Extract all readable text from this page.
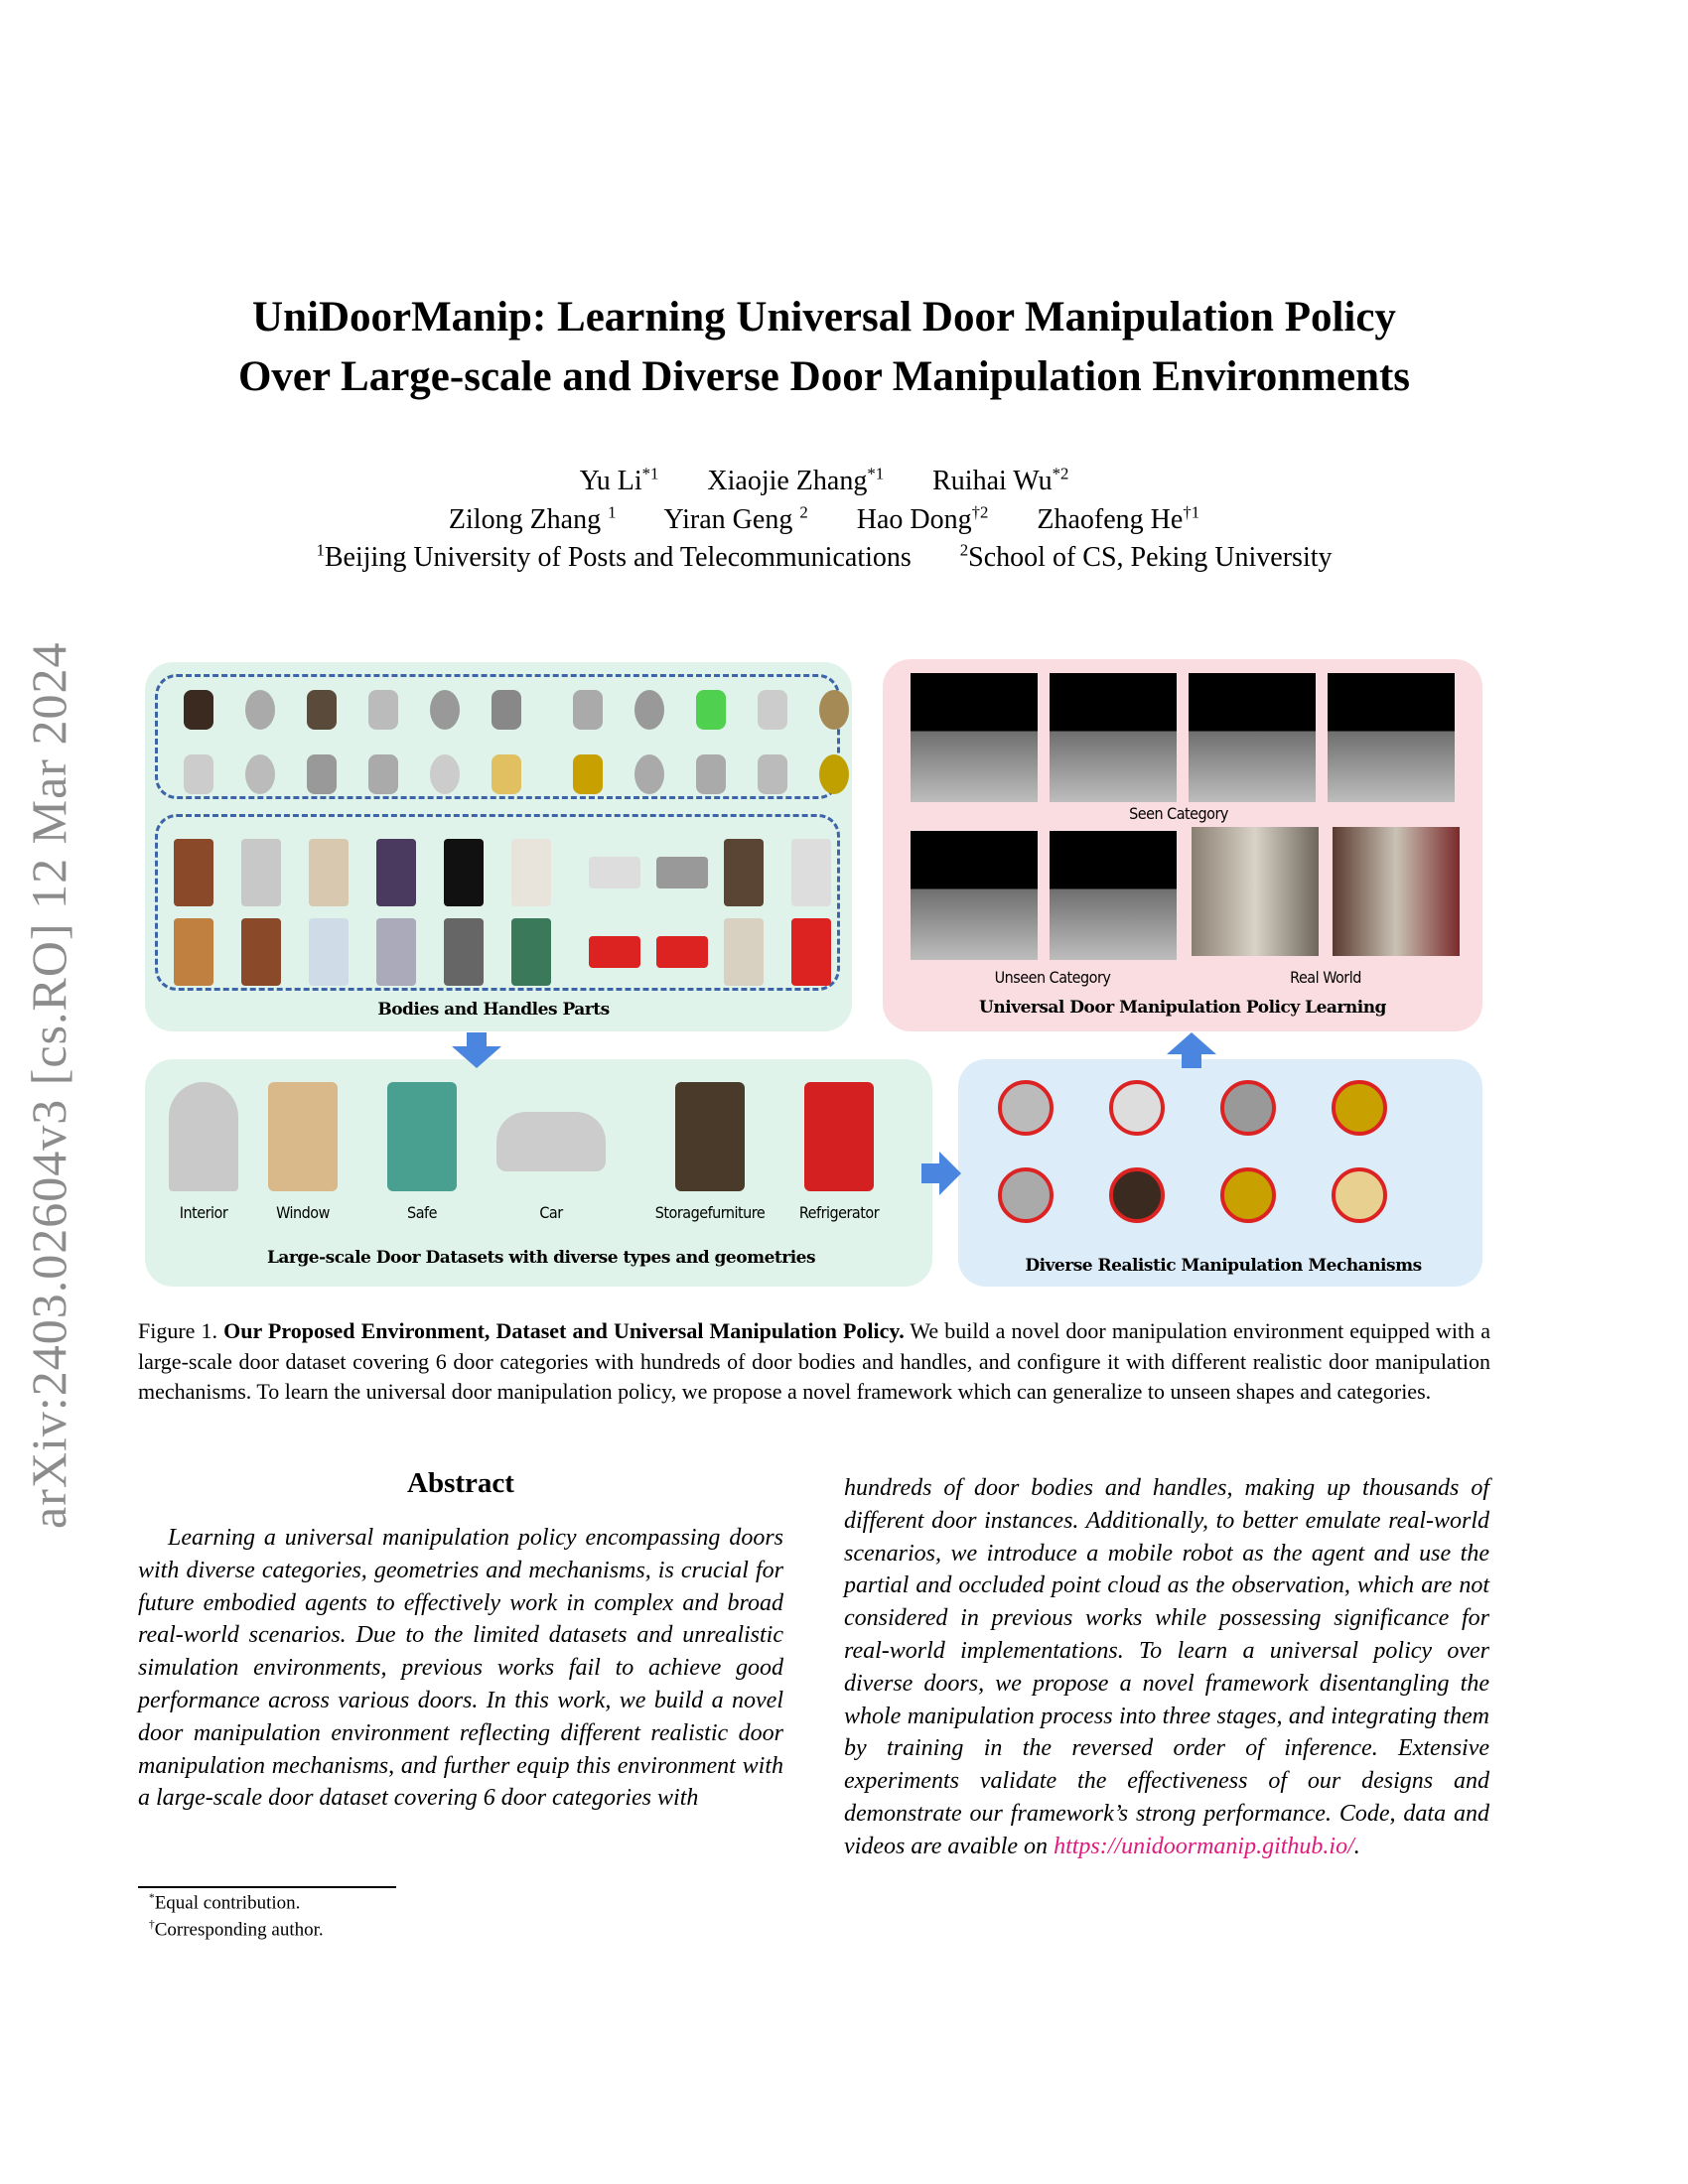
arXiv:2403.02604v3 [cs.RO] 12 Mar 2024
UniDoorManip: Learning Universal Door Manipulation Policy
Over Large-scale and Diverse Door Manipulation Environments
Yu Li$^{*1}$   Xiaojie Zhang$^{*1}$   Ruihai Wu$^{*2}$
Zilong Zhang $^1$   Yiran Geng $^2$   Hao Dong$^{\dagger 2}$   Zhaofeng He$^{\dagger 1}$
$^1$Beijing University of Posts and Telecommunications  	$^2$School of CS, Peking University
Bodies and Handles Parts
Seen Category
Unseen Category	Real World
Universal Door Manipulation Policy Learning
Large-scale Door Datasets with diverse types and geometries	Diverse Realistic Manipulation Mechanisms
Figure 1. Our Proposed Environment, Dataset and Universal Manipulation Policy. We build a novel door manipulation environment equipped with a large-scale door dataset covering 6 door categories with hundreds of door bodies and handles, and configure it with different realistic door manipulation mechanisms. To learn the universal door manipulation policy, we propose a novel framework which can generalize to unseen shapes and categories.
Abstract
Learning a universal manipulation policy encompassing doors with diverse categories, geometries and mechanisms, is crucial for future embodied agents to effectively work in complex and broad real-world scenarios. Due to the limited datasets and unrealistic simulation environments, previous works fail to achieve good performance across various doors. In this work, we build a novel door manipulation environment reflecting different realistic door manipulation mechanisms, and further equip this environment with a large-scale door dataset covering 6 door categories with
hundreds of door bodies and handles, making up thousands of different door instances. Additionally, to better emulate real-world scenarios, we introduce a mobile robot as the agent and use the partial and occluded point cloud as the observation, which are not considered in previous works while possessing significance for real-world implementations. To learn a universal policy over diverse doors, we propose a novel framework disentangling the whole manipulation process into three stages, and integrating them by training in the reversed order of inference. Extensive experiments validate the effectiveness of our designs and demonstrate our framework’s strong performance. Code, data and videos are avaible on https://unidoormanip.github.io/.
*Equal contribution.
†Corresponding author.
Interior	Window	Safe	Car	Storagefurniture Refrigerator
